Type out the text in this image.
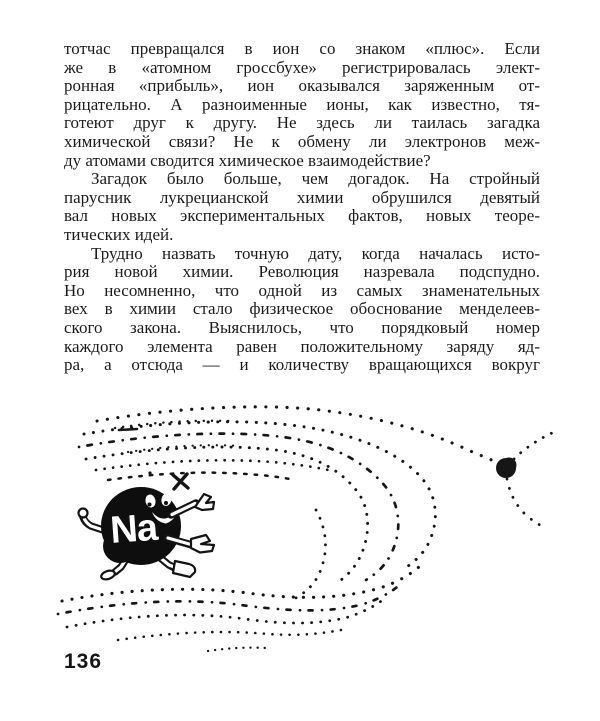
тотчас превращался в ион со знаком «плюс». Если
же в «атомном гроссбухе» регистрировалась элект-
ронная «прибыль», ион оказывался заряженным от-
рицательно. А разноименные ионы, как известно, тя-
готеют друг к другу. Не здесь ли таилась загадка
химической связи? Не к обмену ли электронов меж-
ду атомами сводится химическое взаимодействие?
Загадок было больше, чем догадок. На стройный
парусник лукрецианской химии обрушился девятый
вал новых экспериментальных фактов, новых теоре-
тических идей.
Трудно назвать точную дату, когда началась исто-
рия новой химии. Революция назревала подспудно.
Но несомненно, что одной из самых знаменательных
вех в химии стало физическое обоснование менделеев-
ского закона. Выяснилось, что порядковый номер
каждого элемента равен положительному заряду яд-
ра, а отсюда — и количеству вращающихся вокруг
Na
136
